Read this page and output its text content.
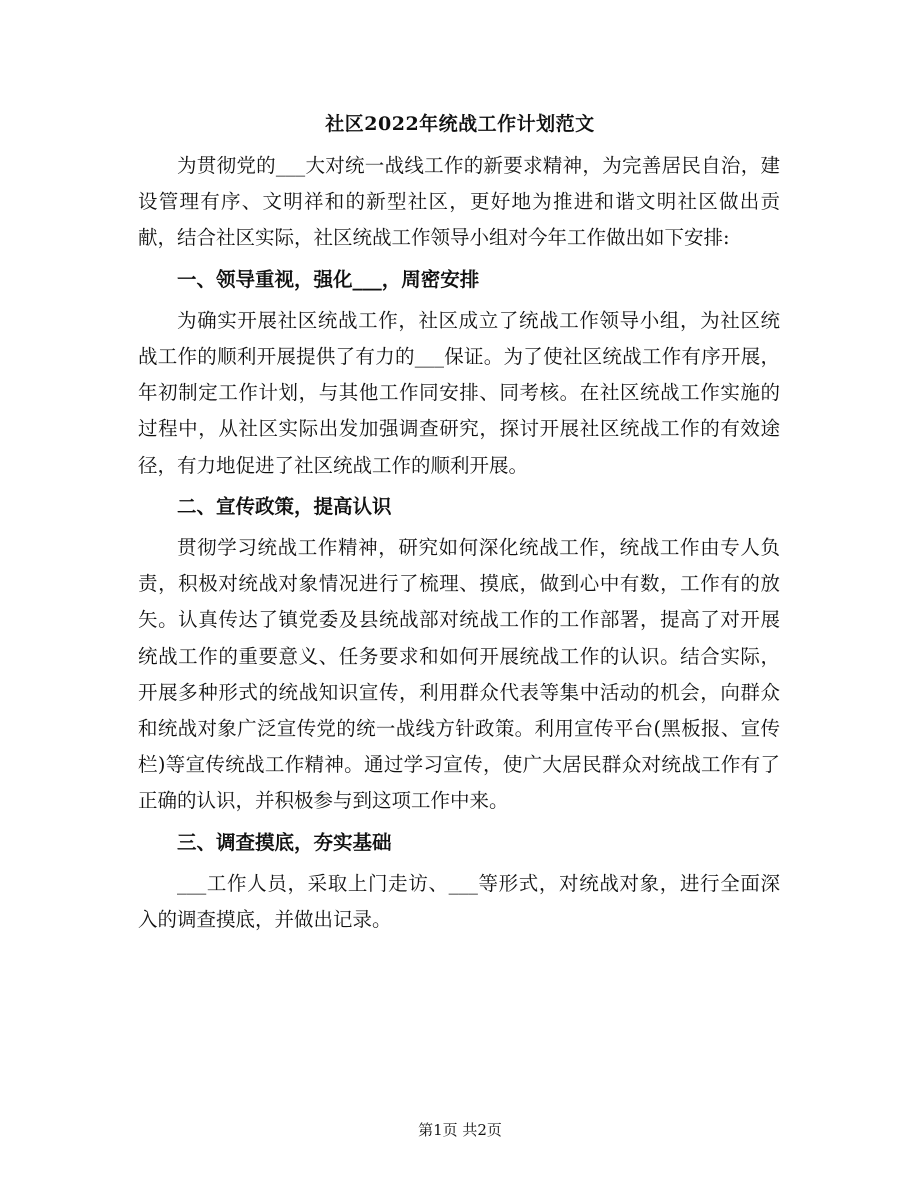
社区2022年统战工作计划范文

为贯彻党的___大对统一战线工作的新要求精神，为完善居民自治，建设管理有序、文明祥和的新型社区，更好地为推进和谐文明社区做出贡献，结合社区实际，社区统战工作领导小组对今年工作做出如下安排:

一、领导重视，强化___，周密安排

为确实开展社区统战工作，社区成立了统战工作领导小组，为社区统战工作的顺利开展提供了有力的___保证。为了使社区统战工作有序开展，年初制定工作计划，与其他工作同安排、同考核。在社区统战工作实施的过程中，从社区实际出发加强调查研究，探讨开展社区统战工作的有效途径，有力地促进了社区统战工作的顺利开展。

二、宣传政策，提高认识

贯彻学习统战工作精神，研究如何深化统战工作，统战工作由专人负责，积极对统战对象情况进行了梳理、摸底，做到心中有数，工作有的放矢。认真传达了镇党委及县统战部对统战工作的工作部署，提高了对开展统战工作的重要意义、任务要求和如何开展统战工作的认识。结合实际，开展多种形式的统战知识宣传，利用群众代表等集中活动的机会，向群众和统战对象广泛宣传党的统一战线方针政策。利用宣传平台(黑板报、宣传栏)等宣传统战工作精神。通过学习宣传，使广大居民群众对统战工作有了正确的认识，并积极参与到这项工作中来。

三、调查摸底，夯实基础

___工作人员，采取上门走访、___等形式，对统战对象，进行全面深入的调查摸底，并做出记录。

第1页 共2页
